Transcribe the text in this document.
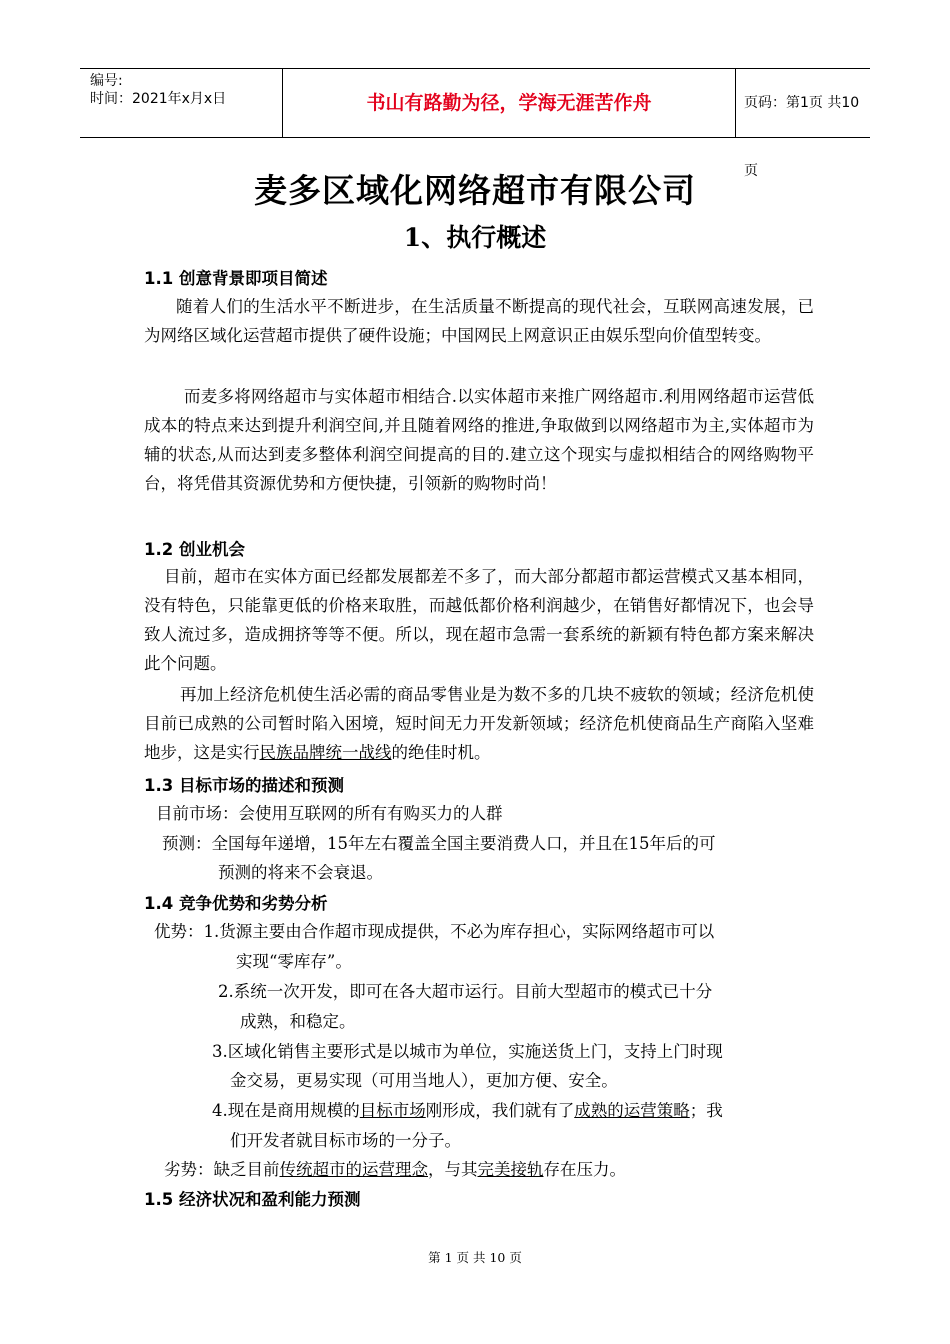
编号:
时间：2021年x月x日	书山有路勤为径，学海无涯苦作舟	页码：第1页 共10页
麦多区域化网络超市有限公司
1、执行概述
1.1 创意背景即项目简述
随着人们的生活水平不断进步，在生活质量不断提高的现代社会，互联网高速发展，已为网络区域化运营超市提供了硬件设施；中国网民上网意识正由娱乐型向价值型转变。
而麦多将网络超市与实体超市相结合.以实体超市来推广网络超市.利用网络超市运营低成本的特点来达到提升利润空间,并且随着网络的推进,争取做到以网络超市为主,实体超市为辅的状态,从而达到麦多整体利润空间提高的目的.建立这个现实与虚拟相结合的网络购物平台，将凭借其资源优势和方便快捷，引领新的购物时尚！
1.2 创业机会
目前，超市在实体方面已经都发展都差不多了，而大部分都超市都运营模式又基本相同，没有特色，只能靠更低的价格来取胜，而越低都价格利润越少，在销售好都情况下，也会导致人流过多，造成拥挤等等不便。所以，现在超市急需一套系统的新颖有特色都方案来解决此个问题。
再加上经济危机使生活必需的商品零售业是为数不多的几块不疲软的领域；经济危机使目前已成熟的公司暂时陷入困境，短时间无力开发新领域；经济危机使商品生产商陷入坚难地步，这是实行民族品牌统一战线的绝佳时机。
1.3 目标市场的描述和预测
目前市场：会使用互联网的所有有购买力的人群
预测：全国每年递增，15年左右覆盖全国主要消费人口，并且在15年后的可
预测的将来不会衰退。
1.4 竞争优势和劣势分析
优势：1.货源主要由合作超市现成提供，不必为库存担心，实际网络超市可以
实现“零库存”。
2.系统一次开发，即可在各大超市运行。目前大型超市的模式已十分
成熟，和稳定。
3.区域化销售主要形式是以城市为单位，实施送货上门，支持上门时现
金交易，更易实现（可用当地人），更加方便、安全。
4.现在是商用规模的目标市场刚形成，我们就有了成熟的运营策略；我
们开发者就目标市场的一分子。
劣势：缺乏目前传统超市的运营理念，与其完美接轨存在压力。
1.5 经济状况和盈利能力预测
第 1 页 共 10 页
